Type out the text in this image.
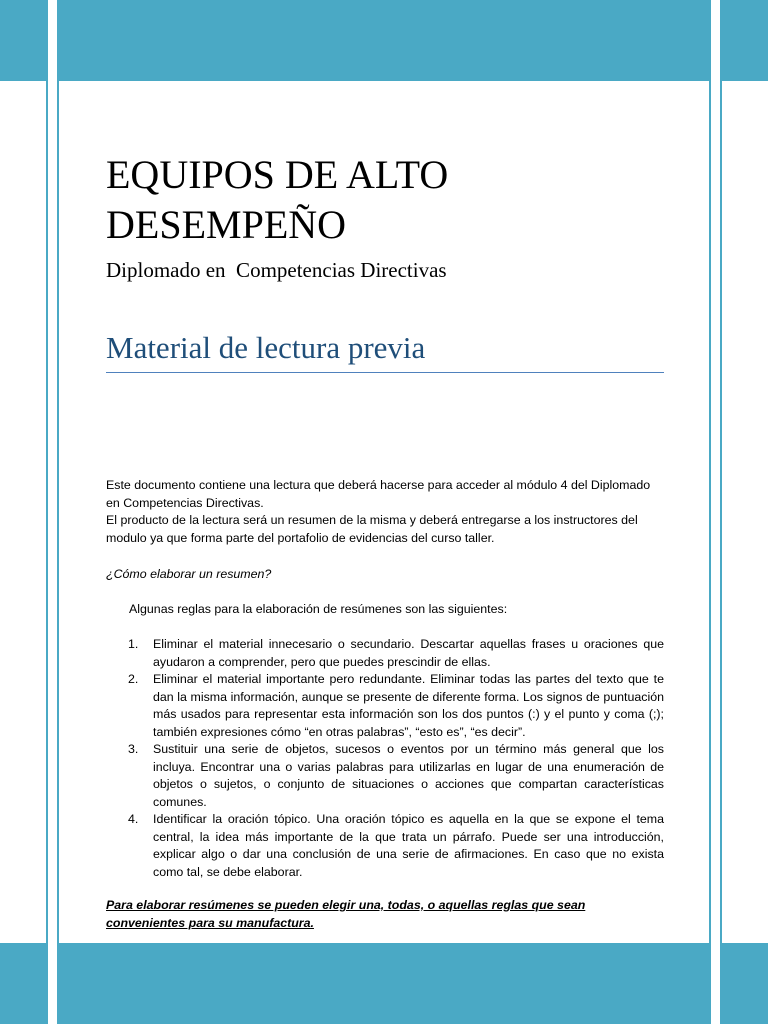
EQUIPOS DE ALTO
DESEMPEÑO
Diplomado en  Competencias Directivas
Material de lectura previa
Este documento contiene una lectura que deberá hacerse para acceder al módulo 4 del Diplomado en Competencias Directivas.
El producto de la lectura será un resumen de la misma y deberá entregarse a los instructores del modulo ya que forma parte del portafolio de evidencias del curso taller.
¿Cómo elaborar un resumen?
Algunas reglas para la elaboración de resúmenes son las siguientes:
1. Eliminar el material innecesario o secundario. Descartar aquellas frases u oraciones que ayudaron a comprender, pero que puedes prescindir de ellas.
2. Eliminar el material importante pero redundante. Eliminar todas las partes del texto que te dan la misma información, aunque se presente de diferente forma. Los signos de puntuación más usados para representar esta información son los dos puntos (:) y el punto y coma (;); también expresiones cómo “en otras palabras”, “esto es”, “es decir”.
3. Sustituir una serie de objetos, sucesos o eventos por un término más general que los incluya. Encontrar una o varias palabras para utilizarlas en lugar de una enumeración de objetos o sujetos, o conjunto de situaciones o acciones que compartan características comunes.
4. Identificar la oración tópico. Una oración tópico es aquella en la que se expone el tema central, la idea más importante de la que trata un párrafo. Puede ser una introducción, explicar algo o dar una conclusión de una serie de afirmaciones. En caso que no exista como tal, se debe elaborar.
Para elaborar resúmenes se pueden elegir una, todas, o aquellas reglas que sean convenientes para su manufactura.
